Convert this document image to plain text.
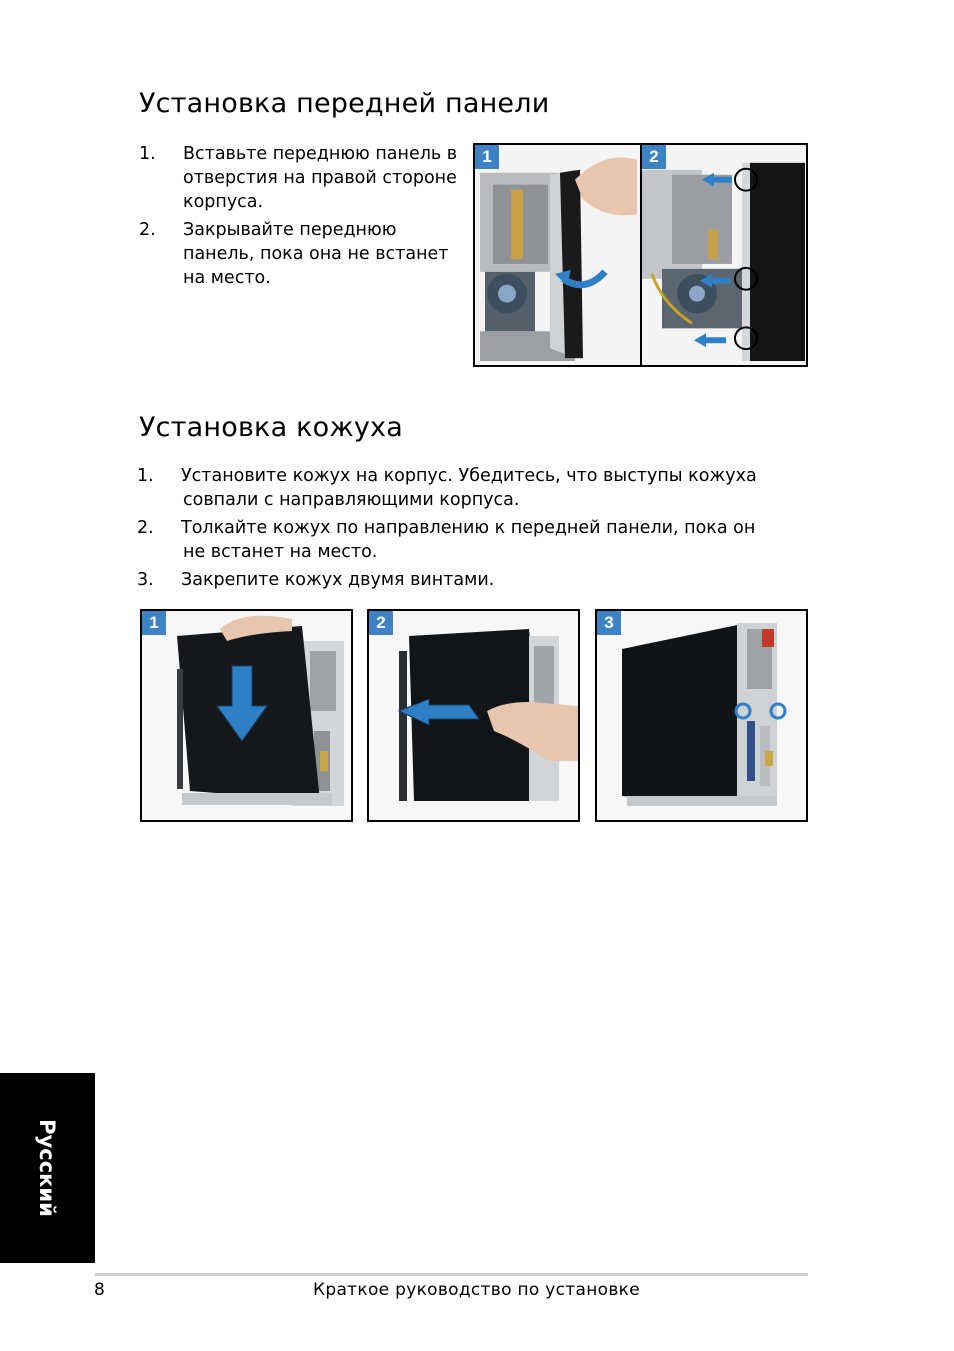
Установка передней панели
1. Вставьте переднюю панель в отверстия на правой стороне корпуса.
2. Закрывайте переднюю панель, пока она не встанет на место.
1	2
Установка кожуха
1. Установите кожух на корпус. Убедитесь, что выступы кожуха совпали с направляющими корпуса.
2. Толкайте кожух по направлению к передней панели, пока он не встанет на место.
3. Закрепите кожух двумя винтами.
1	2	3
Русский
8	Краткое руководство по установке
